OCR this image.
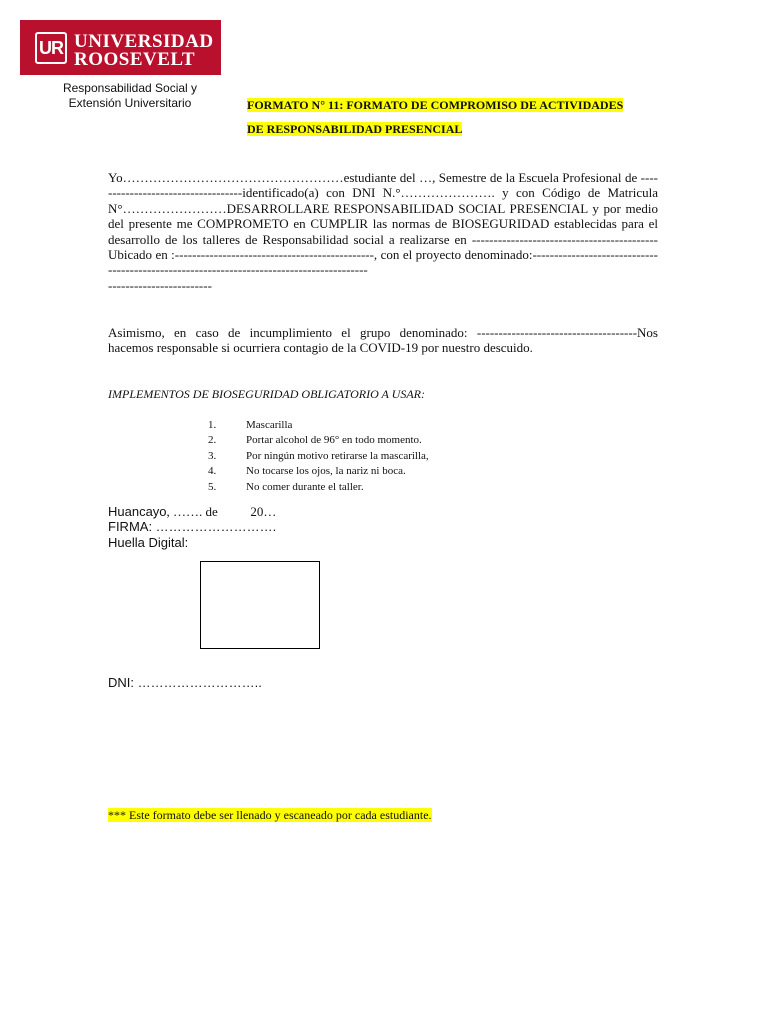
UR UNIVERSIDAD
ROOSEVELT
Responsabilidad Social y
Extensión Universitario	FORMATO N° 11: FORMATO DE COMPROMISO DE ACTIVIDADES
DE RESPONSABILIDAD PRESENCIAL
Yo……………………………………………estudiante del …, Semestre de la Escuela Profesional de -----------------------------------identificado(a) con DNI N.°…………………. y con Código de Matricula N°……………………DESARROLLARE RESPONSABILIDAD SOCIAL PRESENCIAL y por medio del presente me COMPROMETO en CUMPLIR las normas de BIOSEGURIDAD establecidas para el desarrollo de los talleres de Responsabilidad social a realizarse en -------------------------------------------Ubicado en :----------------------------------------------, con el proyecto denominado:-----------------------------------------------------------------------------------------
------------------------
Asimismo, en caso de incumplimiento el grupo denominado: -------------------------------------Nos hacemos responsable si ocurriera contagio de la COVID-19 por nuestro descuido.
IMPLEMENTOS DE BIOSEGURIDAD OBLIGATORIO A USAR:
1.	Mascarilla
2.	Portar alcohol de 96° en todo momento.
3.	Por ningún motivo retirarse la mascarilla,
4.	No tocarse los ojos, la nariz ni boca.
5.	No comer durante el taller.
Huancayo, ……. de	20…
FIRMA: ……………………….
Huella Digital:
DNI: ………………………..
*** Este formato debe ser llenado y escaneado por cada estudiante.
